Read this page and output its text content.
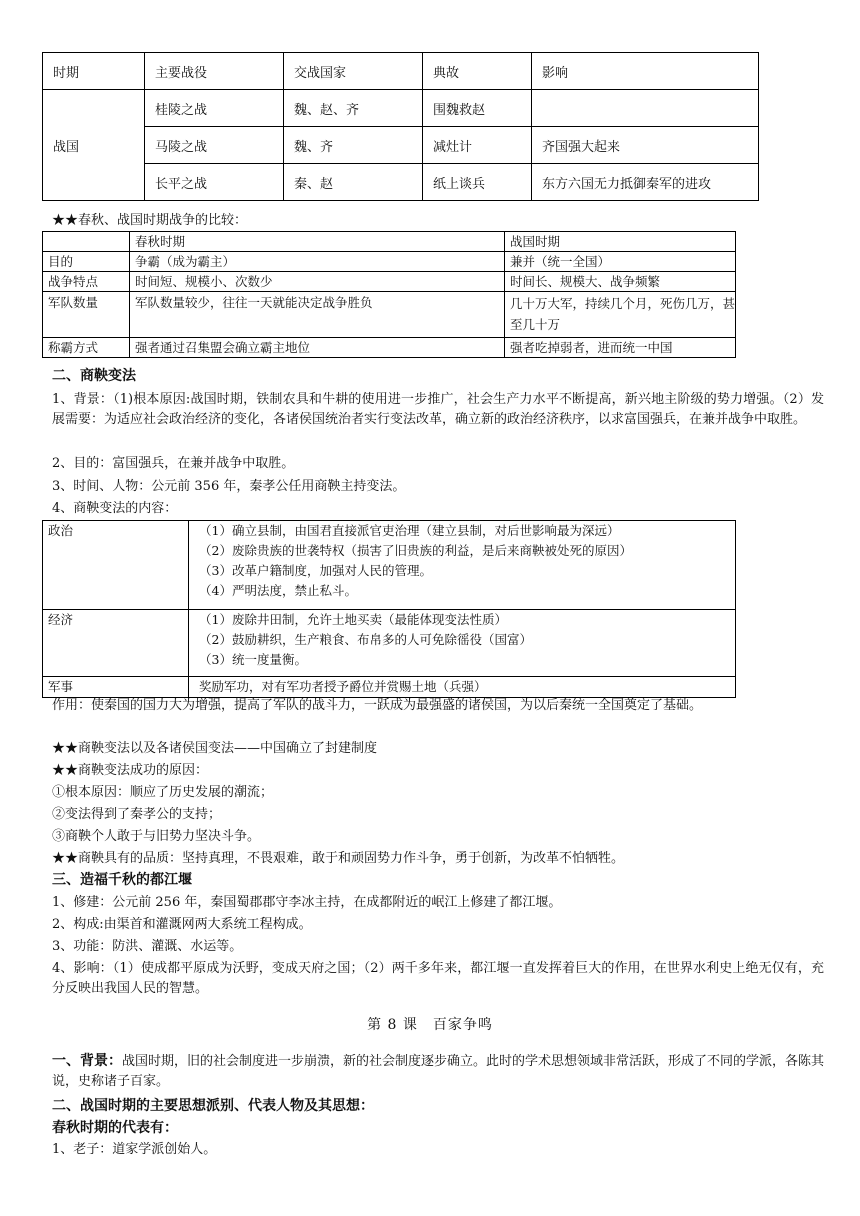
时期	主要战役	交战国家	典故	影响
战国	桂陵之战	魏、赵、齐	围魏救赵	
	马陵之战	魏、齐	减灶计	齐国强大起来
	长平之战	秦、赵	纸上谈兵	东方六国无力抵御秦军的进攻
★★春秋、战国时期战争的比较：
	春秋时期	战国时期
目的	争霸（成为霸主）	兼并（统一全国）
战争特点	时间短、规模小、次数少	时间长、规模大、战争频繁
军队数量	军队数量较少，往往一天就能决定战争胜负	几十万大军，持续几个月，死伤几万，甚至几十万
称霸方式	强者通过召集盟会确立霸主地位	强者吃掉弱者，进而统一中国
二、商鞅变法
1、背景：（1)根本原因:战国时期，铁制农具和牛耕的使用进一步推广，社会生产力水平不断提高，新兴地主阶级的势力增强。（2）发展需要：为适应社会政治经济的变化，各诸侯国统治者实行变法改革，确立新的政治经济秩序，以求富国强兵，在兼并战争中取胜。
2、目的：富国强兵，在兼并战争中取胜。
3、时间、人物：公元前 356 年，秦孝公任用商鞅主持变法。
4、商鞅变法的内容：
政治	（1）确立县制，由国君直接派官吏治理（建立县制，对后世影响最为深远）
（2）废除贵族的世袭特权（损害了旧贵族的利益，是后来商鞅被处死的原因）
（3）改革户籍制度，加强对人民的管理。
（4）严明法度，禁止私斗。

经济	（1）废除井田制，允许土地买卖（最能体现变法性质）
（2）鼓励耕织，生产粮食、布帛多的人可免除徭役（国富）
（3）统一度量衡。

军事	奖励军功，对有军功者授予爵位并赏赐土地（兵强）
作用：使秦国的国力大为增强，提高了军队的战斗力，一跃成为最强盛的诸侯国，为以后秦统一全国奠定了基础。
★★商鞅变法以及各诸侯国变法——中国确立了封建制度
★★商鞅变法成功的原因：
①根本原因：顺应了历史发展的潮流；
②变法得到了秦孝公的支持；
③商鞅个人敢于与旧势力坚决斗争。
★★商鞅具有的品质：坚持真理，不畏艰难，敢于和顽固势力作斗争，勇于创新，为改革不怕牺牲。
三、造福千秋的都江堰
1、修建：公元前 256 年，秦国蜀郡郡守李冰主持，在成都附近的岷江上修建了都江堰。
2、构成:由渠首和灌溉网两大系统工程构成。
3、功能：防洪、灌溉、水运等。
4、影响：（1）使成都平原成为沃野，变成天府之国；（2）两千多年来，都江堰一直发挥着巨大的作用，在世界水利史上绝无仅有，充分反映出我国人民的智慧。
第 8 课　百家争鸣
一、背景：战国时期，旧的社会制度进一步崩溃，新的社会制度逐步确立。此时的学术思想领域非常活跃，形成了不同的学派，各陈其说，史称诸子百家。
二、战国时期的主要思想派别、代表人物及其思想：
春秋时期的代表有：
1、老子：道家学派创始人。
